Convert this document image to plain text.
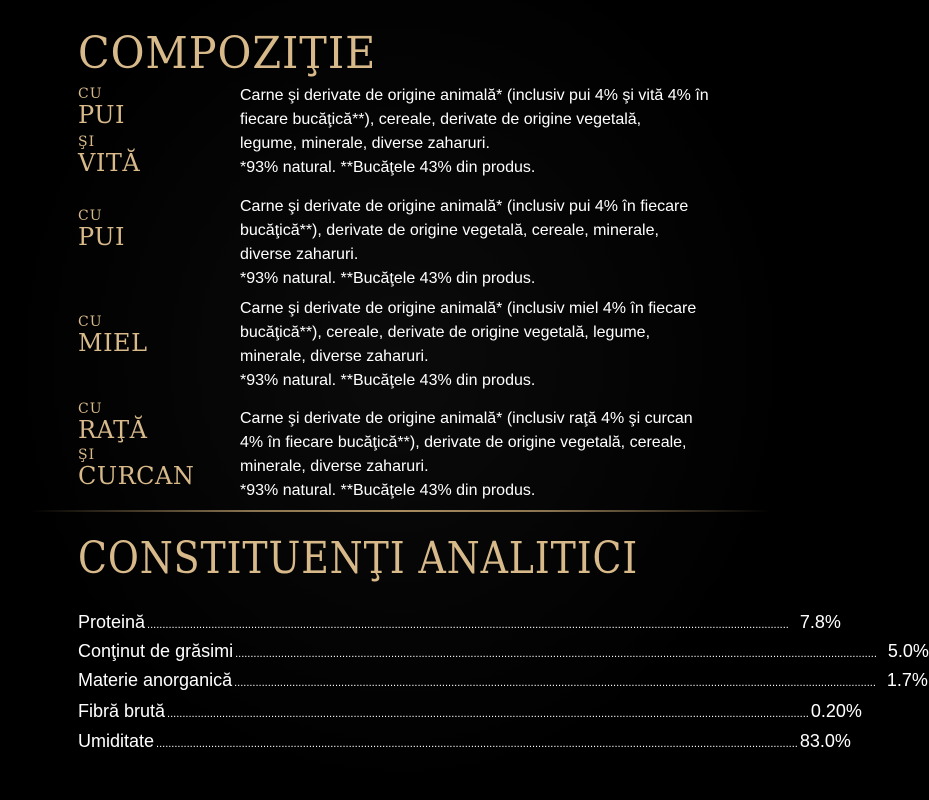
COMPOZIŢIE
CU
PUI
ŞI
VITĂ
Carne şi derivate de origine animală* (inclusiv pui 4% şi vită 4% în
fiecare bucăţică**), cereale, derivate de origine vegetală,
legume, minerale, diverse zaharuri.
*93% natural. **Bucăţele 43% din produs.
CU
PUI
Carne şi derivate de origine animală* (inclusiv pui 4% în fiecare
bucăţică**), derivate de origine vegetală, cereale, minerale,
diverse zaharuri.
*93% natural. **Bucăţele 43% din produs.
CU
MIEL
Carne şi derivate de origine animală* (inclusiv miel 4% în fiecare
bucăţică**), cereale, derivate de origine vegetală, legume,
minerale, diverse zaharuri.
*93% natural. **Bucăţele 43% din produs.
CU
RAŢĂ
ŞI
CURCAN
Carne şi derivate de origine animală* (inclusiv raţă 4% şi curcan
4% în fiecare bucăţică**), derivate de origine vegetală, cereale,
minerale, diverse zaharuri.
*93% natural. **Bucăţele 43% din produs.
CONSTITUENŢI ANALITICI
Proteină .................................................................................................................................................................................................................. 7.8%
Conţinut de grăsimi .................................................................................................................................................................................................................. 5.0%
Materie anorganică .................................................................................................................................................................................................................. 1.7%
Fibră brută .................................................................................................................................................................................................................. 0.20%
Umiditate .................................................................................................................................................................................................................. 83.0%
